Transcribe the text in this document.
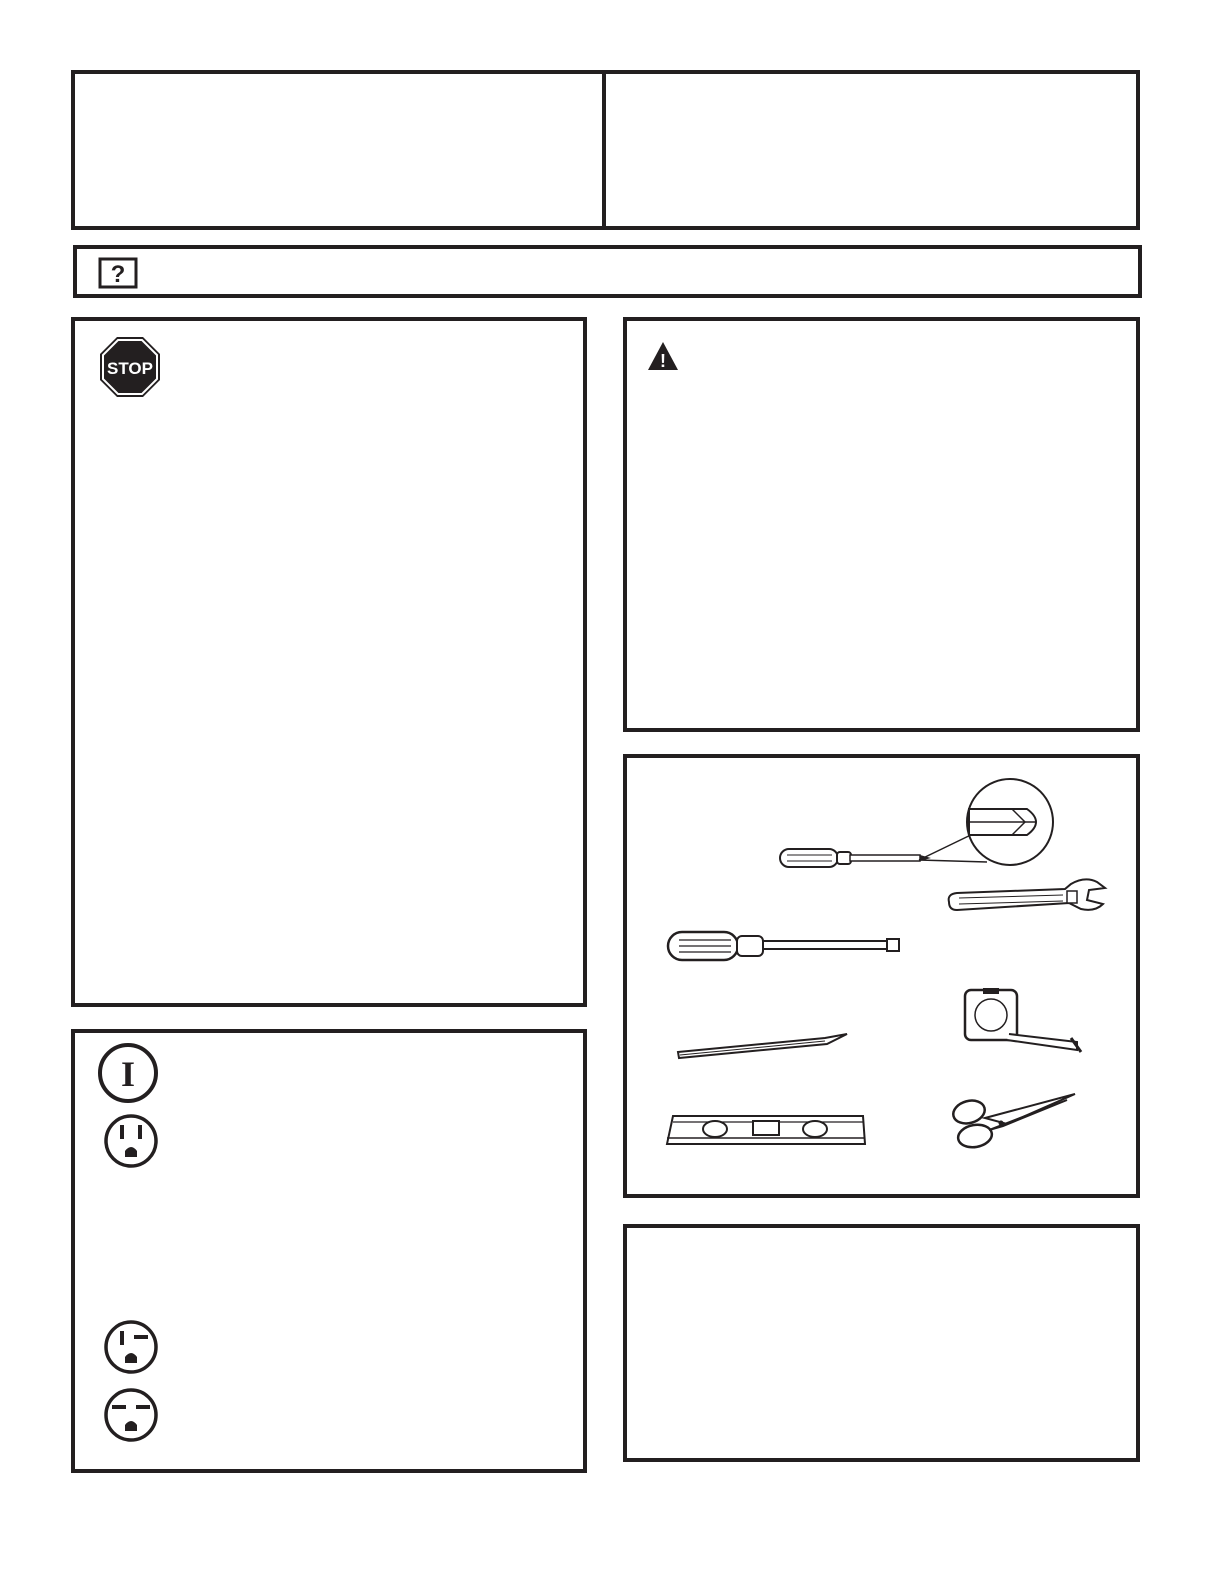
?
STOP	!
I
